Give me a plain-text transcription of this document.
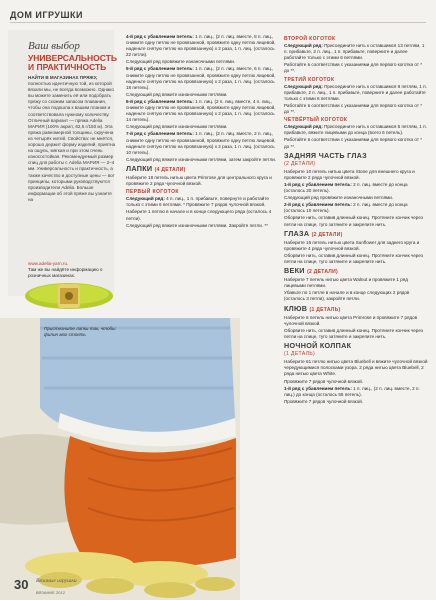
ДОМ ИГРУШКИ
Ваш выбор
УНИВЕРСАЛЬНОСТЬ И ПРАКТИЧНОСТЬ
НАЙТИ В МАГАЗИНАХ ПРЯЖУ, полностью идентичную той, из которой вязали мы, не всегда возможно. Однако вы можете заменить её или подобрать пряжу со схожим запасом плавания, чтобы она подошла к вашим планам и соответствовала нужному количеству. Отличный вариант — пряжа Adelia МАРИЯ (100% акрил, 62,5 г/150 м). Эта пряжа равномерной толщины, скручена из четырёх нитей. Свойства: не мнётся, хорошо держит форму изделий, приятна на ощупь, мягкая и при этом очень износостойкая. Рекомендуемый размер спиц для работы с Adelia МАРИЯ — 2–4 мм. Универсальность и практичность, а также качество и доступные цены — вот принципы, которыми руководствуются производители Adelia. Больше информации об этой пряже вы узнаете на
www.adelia-yarn.ru.
Там же вы найдёте информацию о розничных магазинах.
4-й ряд с убавлением петель: 1 п. лиц., (2 п. лиц. вместе, 8 п. лиц., снимите одну петлю не провязанной, провяжите одну петлю лицевой, наденьте снятую петлю на провязанную) х 2 раза, 1 п. лиц. (осталось 22 петли).
Следующий ряд провяжите изнаночными петлями.
5-й ряд с убавлением петель: 1 п. лиц., (2 п. лиц. вместе, 6 п. лиц., снимите одну петлю не провязанной, провяжите одну петлю лицевой, наденьте снятую петлю на провязанную) х 2 раза, 1 п. лиц. (осталось 18 петель).
Следующий ряд вяжите изнаночными петлями.
6-й ряд с убавлением петель: 1 п. лиц. (2 п. лиц. вместе, 4 п. лиц., снимите одну петлю не провязанной, провяжите одну петлю лицевой, наденьте снятую петлю на провязанную) х 2 раза, 1 п. лиц. (осталось 14 петель).
Следующий ряд вяжите изнаночными петлями.
7-й ряд с убавлением петель: 1 п. лиц., (2 п. лиц. вместе, 2 п. лиц., снимите одну петлю не провязанной, провяжите одну петлю лицевой, наденьте снятую петлю на провязанную) х 2 раза, 1 п. лиц. (осталось 10 петель).
Следующий ряд вяжите изнаночными петлями, затем закройте петли.
ЛАПКИ (4 ДЕТАЛИ)
Наберите 18 петель нитью цвета Primrose для центрального кругa и провяжите 2 ряда чулочной вязкой.
ПЕРВЫЙ КОГОТОК
Следующий ряд: 4 п. лиц., 1 п. прибавьте, повернуте и работайте только с этими 6 петлями. * Провяжите 7 рядов чулочной вязкой.
Наберите 1 петлю в начале и в конце следующего ряда (осталось 4 петли).
Следующий ряд вяжите изнаночными петлями. Закройте петли. **
ВТОРОЙ КОГОТОК
Следующий ряд: Присоедините нить к оставшимся 13 петлям, 1 п. прибавьте, 2 п. лиц., 1 п. прибавьте, поверните и далее работайте только с этими 6 петлями.
Работайте в соответствии с указаниями для первого коготка от * до **.
ТРЕТИЙ КОГОТОК
Следующий ряд: Присоедините нить к оставшимся 9 петлям, 1 п. прибавьте, 2 п. лиц., 1 п. прибавьте, поверните и далее работайте только с этими 6 петлями.
Работайте в соответствии с указаниями для первого коготка от * до **.
ЧЕТВЁРТЫЙ КОГОТОК
Следующий ряд: Присоедините нить к оставшимся 5 петлям, 1 п. прибавьте, вяжите лицевыми до конца (всего 6 петель).
Работайте в соответствии с указаниями для первого коготка от * до **.
ЗАДНЯЯ ЧАСТЬ ГЛАЗ
(2 ДЕТАЛИ)
Наберите 10 петель нитью цвета Stone для внешнего кругa и провяжите 2 ряда чулочной вязкой.
1-й ряд с убавлением петель: 2 п. лиц. вместе до конца (осталось 20 петель).
Следующий ряд провяжите изнаночными петлями.
2-й ряд с убавлением петель: 2 п. лиц. вместе до конца (осталось 10 петель).
Оборвите нить, оставив длинный конец. Протяните кончик через петли на спице, туго затяните и закрепите нить.
ГЛАЗА (2 ДЕТАЛИ)
Наберите 16 петель нитью цвета Sunflower для заднего кругa и провяжите 4 ряда чулочной вязкой.
Оборвите нить, оставив длинный конец. Протяните кончик через петли на спице, туго затяните и закрепите нить.
ВЕКИ (2 ДЕТАЛИ)
Наберите 7 петель нитью цвета Walnut и провяжите 1 ряд лицевыми петлями.
Убавьте по 1 петле в начале и в конце следующих 2 рядов (осталось 3 петли), закройте петли.
КЛЮВ (1 ДЕТАЛЬ)
Наберите 6 петель нитью цвета Primrose и провяжите 7 рядов чулочной вязкой.
Оборвите нить, оставив длинный конец. Протяните кончик через петли на спице, туго затяните и закрепите нить.
НОЧНОЙ КОЛПАК
(1 ДЕТАЛЬ)
Наберите 61 петлю нитью цвета Bluebell и вяжите чулочной вязкой чередующимися полосками узора. 2 ряда нитью цвета Bluebell, 2 ряда нитью цвета White.
Провяжите 7 рядов чулочной вязкой.
1-й ряд с убавлением петель: 1 п. лиц., (2 п. лиц. вместе, 2 п. лиц.) до конца (осталось 55 петель).
Провяжите 7 рядов чулочной вязкой.
Пристегните лапки так, чтобы филин мог стоять
30 Вязаные игрушки
ВЯЗАНИЕ 2012
